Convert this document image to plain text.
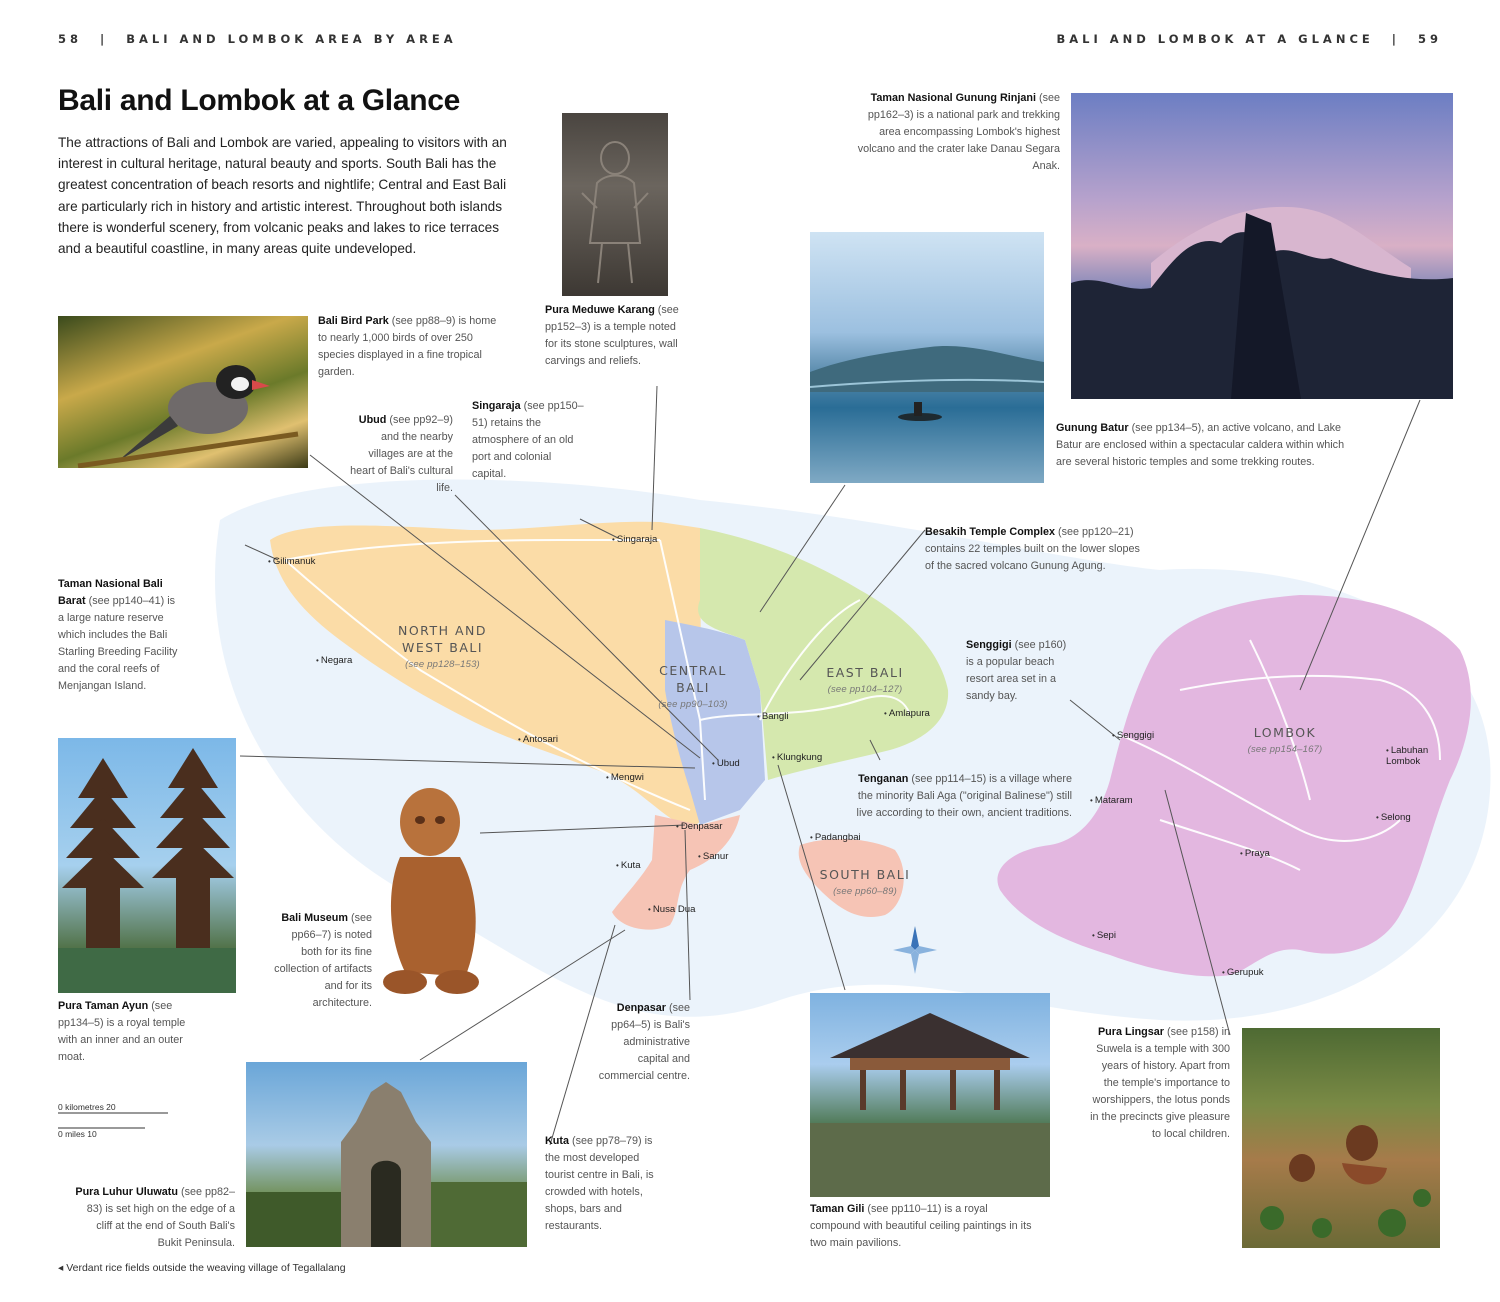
58 | BALI AND LOMBOK AREA BY AREA	BALI AND LOMBOK AT A GLANCE | 59
Bali and Lombok at a Glance
The attractions of Bali and Lombok are varied, appealing to visitors with an interest in cultural heritage, natural beauty and sports. South Bali has the greatest concentration of beach resorts and nightlife; Central and East Bali are particularly rich in history and artistic interest. Throughout both islands there is wonderful scenery, from volcanic peaks and lakes to rice terraces and a beautiful coastline, in many areas quite undeveloped.
0 kilometres 20
0 miles 10
NORTH AND
WEST BALI
(see pp128–153)	CENTRAL
BALI
(see pp90–103)
EAST BALI
(see pp104–127)
SOUTH BALI
(see pp60–89)
LOMBOK
(see pp154–167)
• Gilimanuk
• Singaraja
• Negara
• Amlapura
• Bangli
• Antosari
• Ubud
• Klungkung
• Mengwi
• Denpasar
• Sanur
• Kuta
• Nusa Dua
• Senggigi
• Mataram
• Labuhan Lombok
• Selong
• Praya
• Sepi
• Gerupuk
• Padangbai
Bali Bird Park (see pp88–9) is home to nearly 1,000 birds of over 250 species displayed in a fine tropical garden.
Pura Meduwe Karang (see pp152–3) is a temple noted for its stone sculptures, wall carvings and reliefs.
Taman Nasional Gunung Rinjani (see pp162–3) is a national park and trekking area encompassing Lombok's highest volcano and the crater lake Danau Segara Anak.
Ubud (see pp92–9) and the nearby villages are at the heart of Bali's cultural life.
Singaraja (see pp150–51) retains the atmosphere of an old port and colonial capital.
Gunung Batur (see pp134–5), an active volcano, and Lake Batur are enclosed within a spectacular caldera within which are several historic temples and some trekking routes.
Besakih Temple Complex (see pp120–21) contains 22 temples built on the lower slopes of the sacred volcano Gunung Agung.
Taman Nasional Bali Barat (see pp140–41) is a large nature reserve which includes the Bali Starling Breeding Facility and the coral reefs of Menjangan Island.
Senggigi (see p160) is a popular beach resort area set in a sandy bay.
Tenganan (see pp114–15) is a village where the minority Bali Aga ("original Balinese") still live according to their own, ancient traditions.
Bali Museum (see pp66–7) is noted both for its fine collection of artifacts and for its architecture.
Pura Taman Ayun (see pp134–5) is a royal temple with an inner and an outer moat.
Denpasar (see pp64–5) is Bali's administrative capital and commercial centre.
Kuta (see pp78–79) is the most developed tourist centre in Bali, is crowded with hotels, shops, bars and restaurants.
Pura Luhur Uluwatu (see pp82–83) is set high on the edge of a cliff at the end of South Bali's Bukit Peninsula.
Taman Gili (see pp110–11) is a royal compound with beautiful ceiling paintings in its two main pavilions.
Pura Lingsar (see p158) in Suwela is a temple with 300 years of history. Apart from the temple's importance to worshippers, the lotus ponds in the precincts give pleasure to local children.
◂ Verdant rice fields outside the weaving village of Tegallalang
